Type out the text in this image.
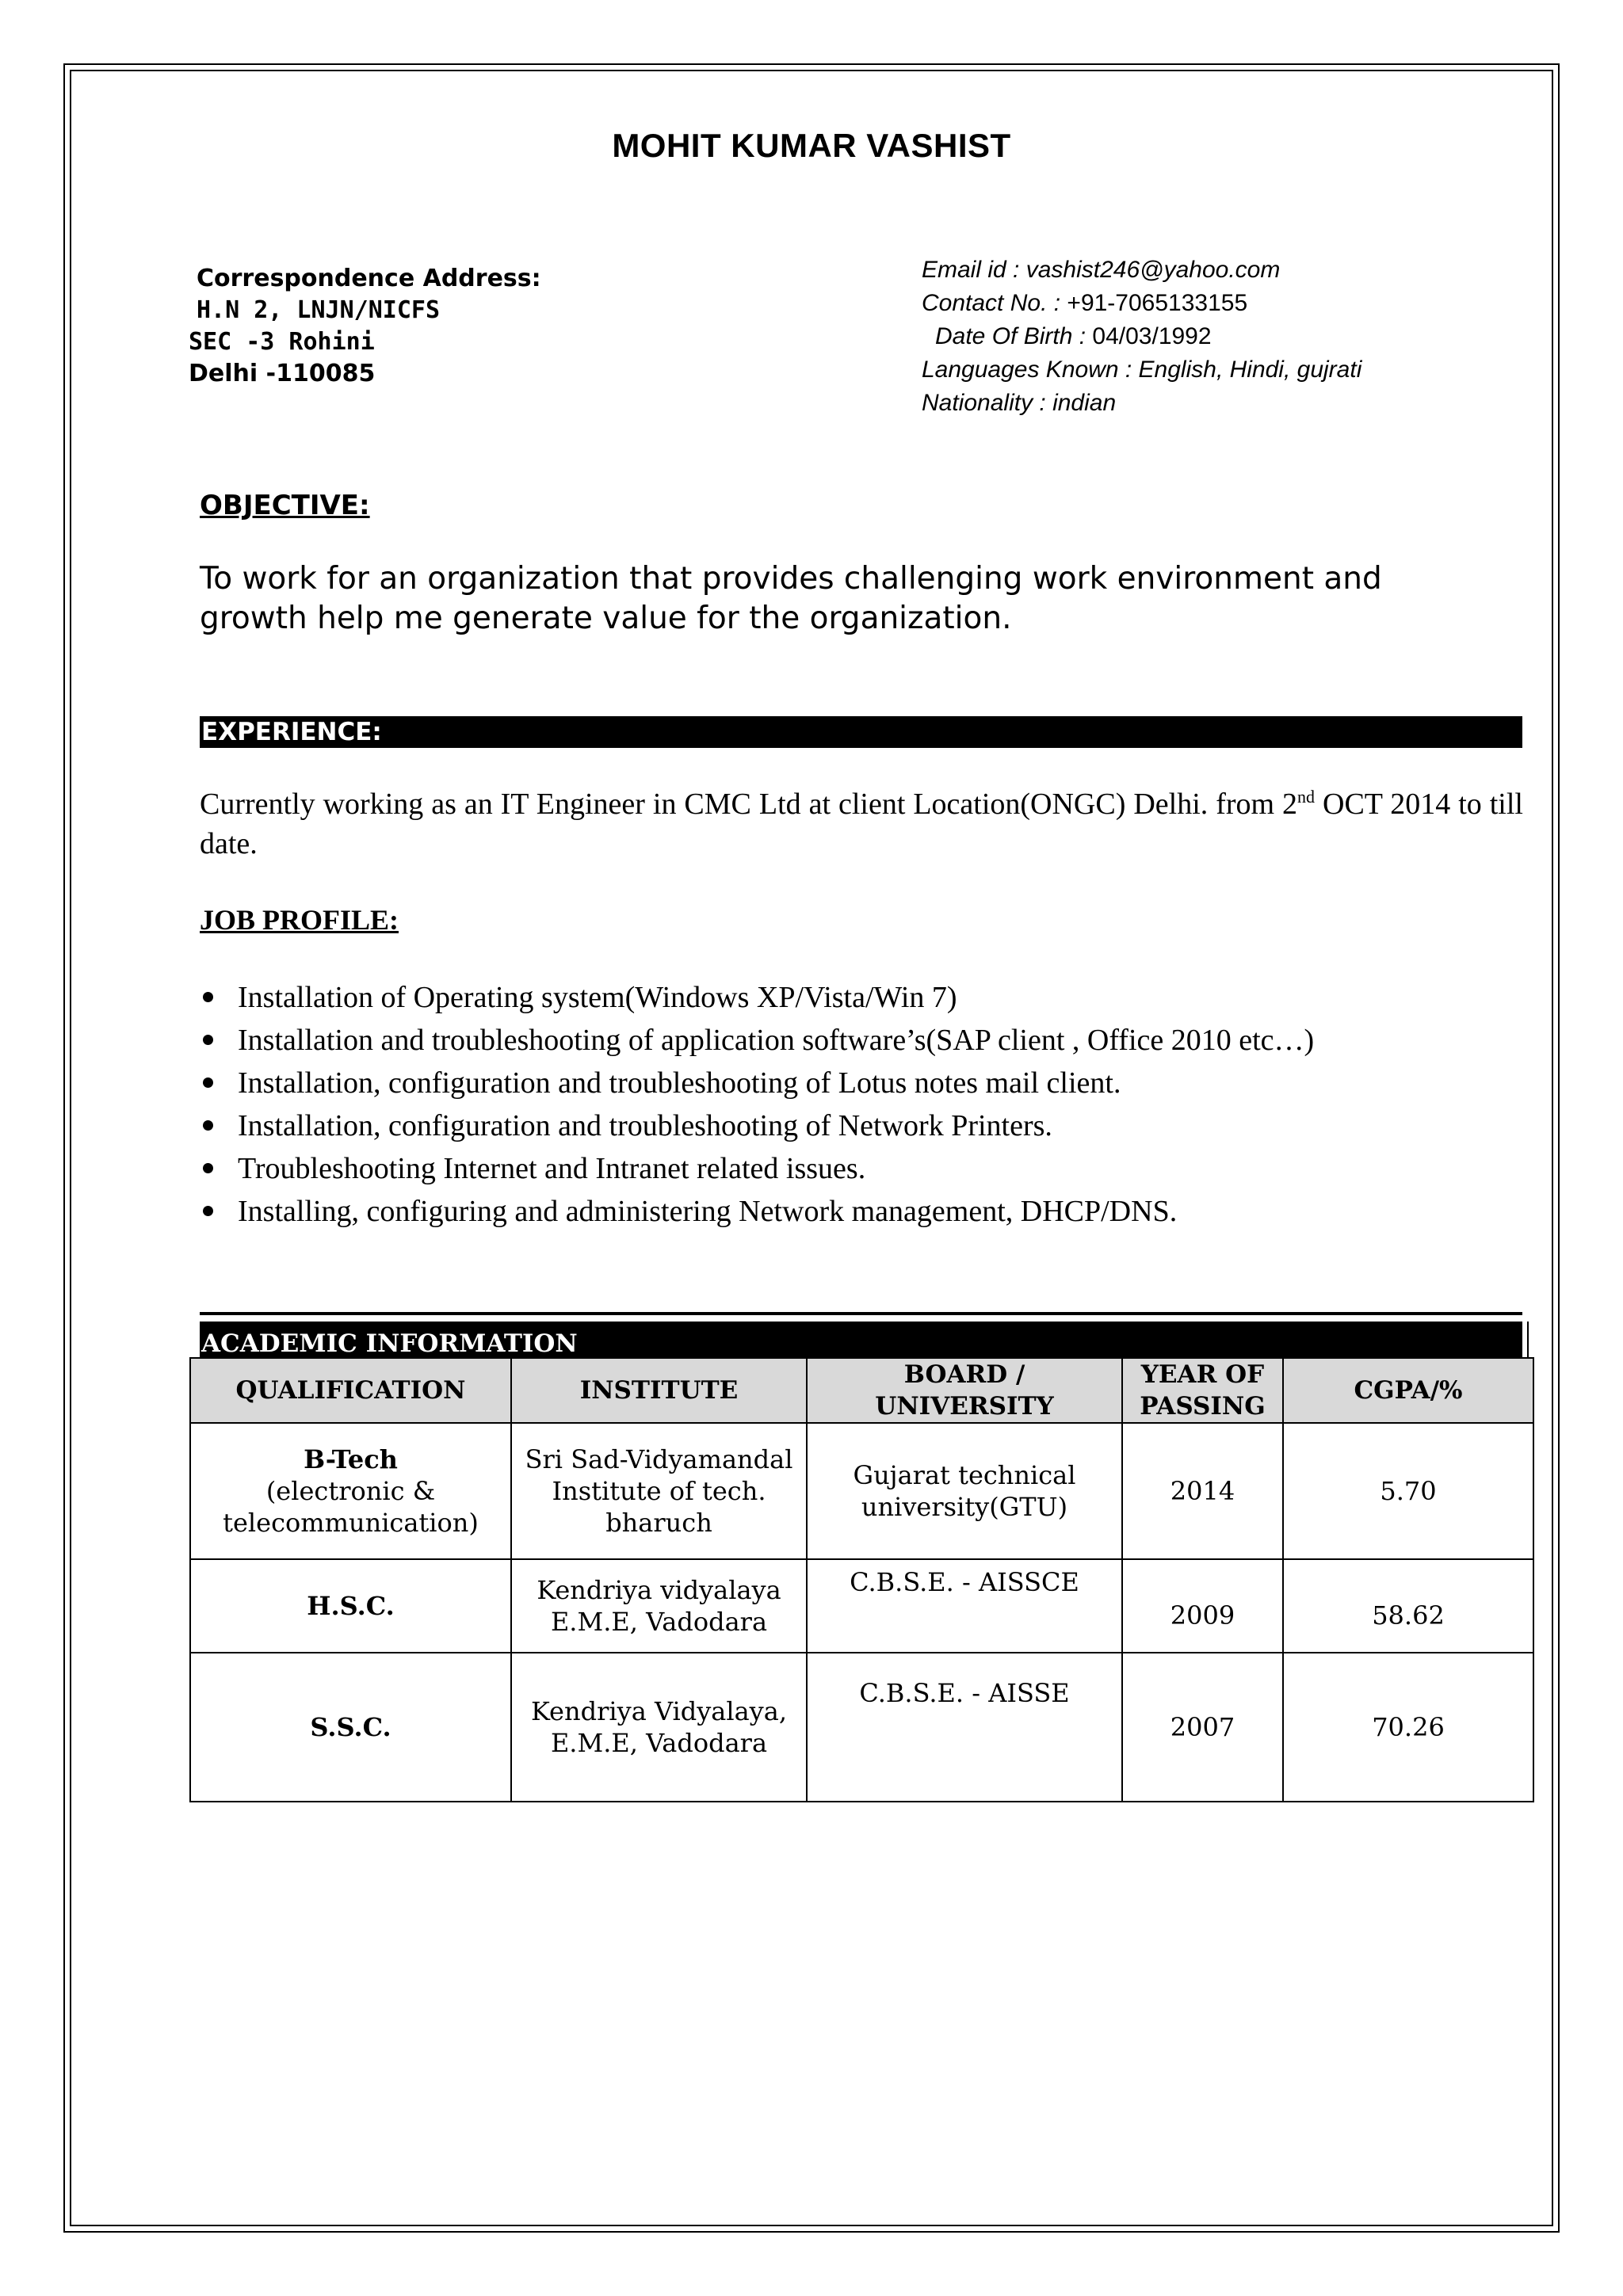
MOHIT KUMAR VASHIST
Correspondence Address:
H.N 2, LNJN/NICFS
SEC -3 Rohini
Delhi -110085
Email id : vashist246@yahoo.com
Contact No. : +91-7065133155
Date Of Birth : 04/03/1992
Languages Known : English, Hindi, gujrati
Nationality : indian
OBJECTIVE:
To work for an organization that provides challenging work environment and growth help me generate value for the organization.
EXPERIENCE:
Currently working as an IT Engineer in CMC Ltd at client Location(ONGC) Delhi. from 2nd OCT 2014 to till date.
JOB PROFILE:
Installation of Operating system(Windows XP/Vista/Win 7)
Installation and troubleshooting of application software’s(SAP client , Office 2010 etc…)
Installation, configuration and troubleshooting of Lotus notes mail client.
Installation, configuration and troubleshooting of Network Printers.
Troubleshooting Internet and Intranet related issues.
Installing, configuring and administering Network management, DHCP/DNS.
ACADEMIC INFORMATION
QUALIFICATION	INSTITUTE	BOARD / UNIVERSITY	YEAR OF PASSING	CGPA/%

B-Tech
(electronic & telecommunication)	Sri Sad-Vidyamandal Institute of tech. bharuch	Gujarat technical university(GTU)	2014	5.70

H.S.C.	Kendriya vidyalaya E.M.E, Vadodara	C.B.S.E. - AISSCE	2009	58.62

S.S.C.	Kendriya Vidyalaya, E.M.E, Vadodara	C.B.S.E. - AISSE	2007	70.26
